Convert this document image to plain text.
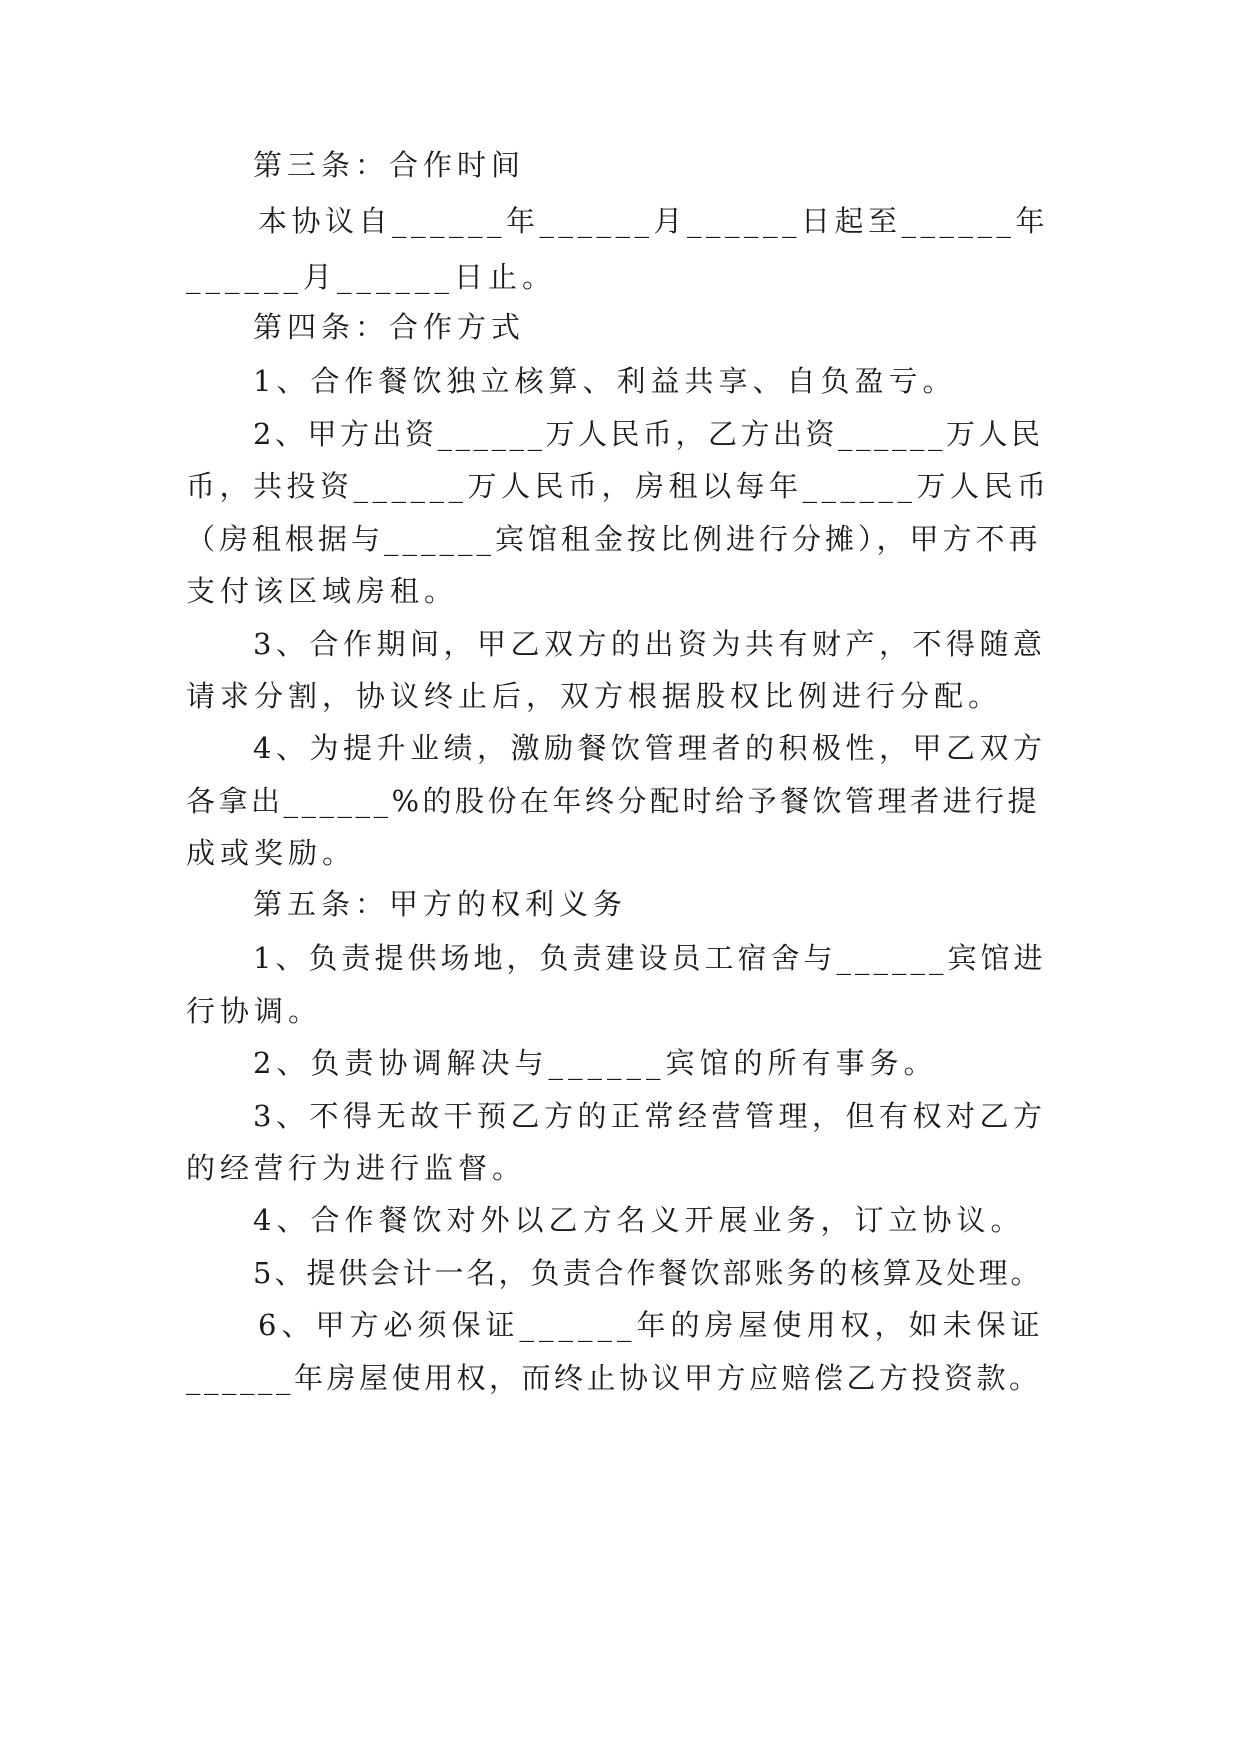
第三条：合作时间
本协议自______年______月______日起至______年
______月______日止。
第四条：合作方式
1、合作餐饮独立核算、利益共享、自负盈亏。
2、甲方出资______万人民币，乙方出资______万人民
币，共投资______万人民币，房租以每年______万人民币
（房租根据与______宾馆租金按比例进行分摊），甲方不再
支付该区域房租。
3、合作期间，甲乙双方的出资为共有财产，不得随意
请求分割，协议终止后，双方根据股权比例进行分配。
4、为提升业绩，激励餐饮管理者的积极性，甲乙双方
各拿出______%的股份在年终分配时给予餐饮管理者进行提
成或奖励。
第五条：甲方的权利义务
1、负责提供场地，负责建设员工宿舍与______宾馆进
行协调。
2、负责协调解决与______宾馆的所有事务。
3、不得无故干预乙方的正常经营管理，但有权对乙方
的经营行为进行监督。
4、合作餐饮对外以乙方名义开展业务，订立协议。
5、提供会计一名，负责合作餐饮部账务的核算及处理。
6、甲方必须保证______年的房屋使用权，如未保证
______年房屋使用权，而终止协议甲方应赔偿乙方投资款。
